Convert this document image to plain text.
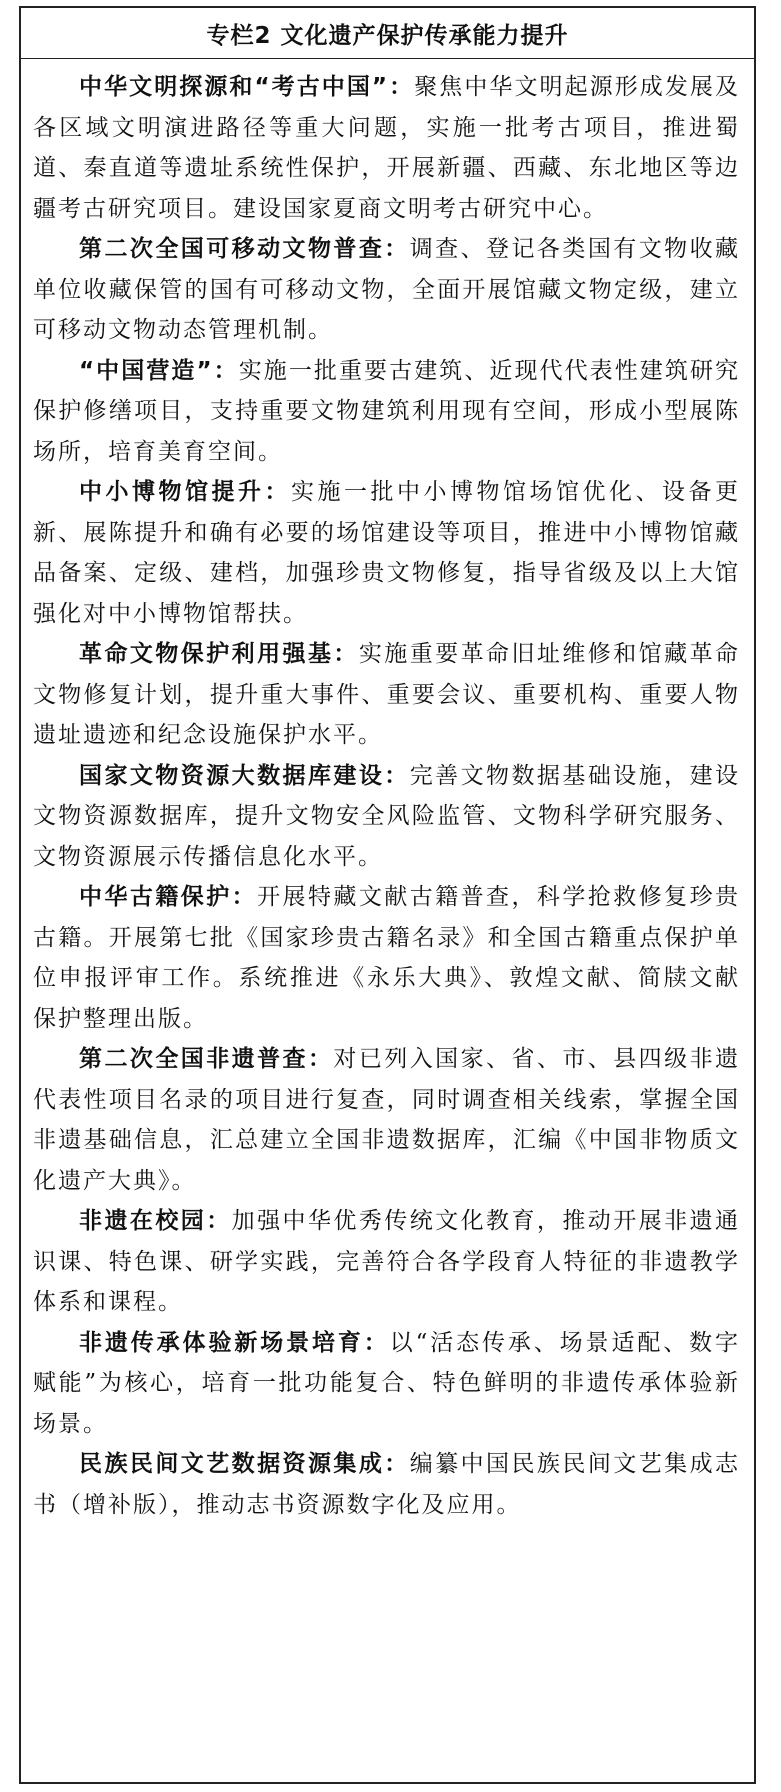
专栏2 文化遗产保护传承能力提升

中华文明探源和“考古中国”：聚焦中华文明起源形成发展及各区域文明演进路径等重大问题，实施一批考古项目，推进蜀道、秦直道等遗址系统性保护，开展新疆、西藏、东北地区等边疆考古研究项目。建设国家夏商文明考古研究中心。

第二次全国可移动文物普查：调查、登记各类国有文物收藏单位收藏保管的国有可移动文物，全面开展馆藏文物定级，建立可移动文物动态管理机制。

“中国营造”：实施一批重要古建筑、近现代代表性建筑研究保护修缮项目，支持重要文物建筑利用现有空间，形成小型展陈场所，培育美育空间。

中小博物馆提升：实施一批中小博物馆场馆优化、设备更新、展陈提升和确有必要的场馆建设等项目，推进中小博物馆藏品备案、定级、建档，加强珍贵文物修复，指导省级及以上大馆强化对中小博物馆帮扶。

革命文物保护利用强基：实施重要革命旧址维修和馆藏革命文物修复计划，提升重大事件、重要会议、重要机构、重要人物遗址遗迹和纪念设施保护水平。

国家文物资源大数据库建设：完善文物数据基础设施，建设文物资源数据库，提升文物安全风险监管、文物科学研究服务、文物资源展示传播信息化水平。

中华古籍保护：开展特藏文献古籍普查，科学抢救修复珍贵古籍。开展第七批《国家珍贵古籍名录》和全国古籍重点保护单位申报评审工作。系统推进《永乐大典》、敦煌文献、简牍文献保护整理出版。

第二次全国非遗普查：对已列入国家、省、市、县四级非遗代表性项目名录的项目进行复查，同时调查相关线索，掌握全国非遗基础信息，汇总建立全国非遗数据库，汇编《中国非物质文化遗产大典》。

非遗在校园：加强中华优秀传统文化教育，推动开展非遗通识课、特色课、研学实践，完善符合各学段育人特征的非遗教学体系和课程。

非遗传承体验新场景培育：以“活态传承、场景适配、数字赋能”为核心，培育一批功能复合、特色鲜明的非遗传承体验新场景。

民族民间文艺数据资源集成：编纂中国民族民间文艺集成志书（增补版），推动志书资源数字化及应用。
